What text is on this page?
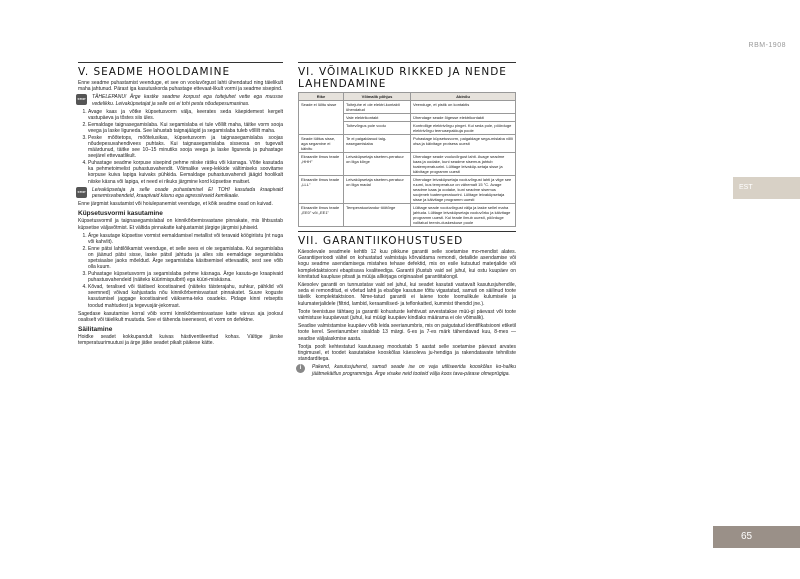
RBM-1908
EST
65
V. SEADME HOOLDAMINE

Enne seadme puhastamist veenduge, et see on vooluvõrgust lahti ühendatud ning täielikult maha jahtunud. Pärast iga kasutuskorda puhastage ettevaat-likult vormi ja seadme sisepind.

STOP TÄHELEPANU! Ärge kastke seadme korpust ega toitejuhet vette ega muusse vedelikku. Leivaküpsetajat ja selle osi ei tohi pesta nõudepesumasinas.

1. Avage kaas ja võtke küpsetusvorm välja, keerates seda käepidemest kergelt vastupäeva ja tõstes siis üles.
2. Eemaldage taignasegamislaba. Kui segamislaba ei tule võllilt maha, täitke vorm sooja veega ja laske liguneda. See lahustab taignajäägid ja segamislaba tuleb võllilt maha.
3. Peske mõõtetops, mõõtelusikas, küpsetusvorm ja taignasegamislaba soojas nõudepesuvahendivees puhtaks. Kui taignasegamislaba sisseosa on tugevalt määrdunud, täitke see 10–15 minutiks sooja veega ja laske liguneda ja puhastage seejärel ettevaatlikult.
4. Puhastage seadme korpuse sisepind pehme niiske rätiku või käsnaga. Võite kasutada ka pehmetoimelist puhastusvahendit. Võimalike veep-lekkide vältimiseks soovitame korpuse kuiva lapiga kuivaks pühkida. Eemaldage puhastusvahendi jäägid hoolikalt niiske käsna või lapiga, et need ei rikuks järgmine kord küpsetise maitset.
STOP Leivaküpsetaja ja selle osade puhastamisel EI TOHI kasutada kraapivaid pesemisvahendeid, kraapivaid käsnu ega agressiivseid kemikaale.

Enne järgmist kasutamist või hoiulepanemist veenduge, et kõik seadme osad on kuivad.

Küpsetusvormi kasutamine

Küpsetusvormil ja taignasegamislabal on kinnikõrbemisvastane pinnakate, mis lihtsustab küpsetise väljavõtmist. Et vältida pinnakatte kahjustamist järgige järgmisi juhiseid.

1. Ärge kasutage küpsetise vormist eemaldamisel metallist või teravaid köögiriistu (nt nuga või kahvlit).
2. Enne pätsi lahtilõikamist veenduge, et selle sees ei ole segamislaba. Kui segamislaba on jäänud pätsi sisse, laske pätsil jahtuda ja alles siis eemaldage segamislaba spetsiaalse jaoks mõeldud. Ärge segamislaba käsitsemisel ettevaatlik, sest see võib olla kuum.
3. Puhastage küpsetusvorm ja segamislaba pehme käsnaga. Ärge kasuta-ge kraapivaid puhastusvahendeid (näiteks küürimispulbrit) ega küüri-miskäsna.
4. Kõvad, teralised või täidised koostisained (näiteks täisterajahu, suhkur, pähklid või seemned) võivad kahjustada nõu kinnikõrbemisvastast pinnakatet. Suure koguste kasutamisel jaggage koostisained väiksema-teks osadeks. Pidage kinni retseptis toodud mahtudest ja tegevusjär-jekorrast.

Sagedase kasutamise korral võib vormi kinnikõrbemisvastase katte värvus aja jooksul osaliselt või täielikult muutuda. See ei tähenda iseenesest, et vorm on defektne.

Säilitamine

Hoidke seadet kokkupandult kuivas hästiventileeritud kohas. Vältige järske temperatuurimuutusi ja ärge jätke seadet pikalt päikese kätte.

VI. VÕIMALIKUD RIKKED JA NENDE LAHENDAMINE
Rike	Võimalik põhjus	Abinõu
Seade ei lülitu sisse	Toitejuhe ei ole elektri-kontakti ühendatud	Veenduge, et pistik on kontaktis
	Vale elektrikontakt	Ühendage seade õigesse elektrikontakti
	Toitevõrgus pole voolu	Kontrollige elektrivõrgu pinget. Kui seda pole, pöörduge elektrivõrgu teenusepakkuja poole
Seade lülitus sisse, aga segamine ei käivitu	Te ei paigaldanud taig-nasegamislaba	Puhastage küpsetusvorm, paigaldage sega-mislaba võlli otsa ja käivitage protsess uuesti
Ekraanile ilmus teade „HHH"	Leivaküpsetaja sisetem-peratuur on liiga kõrge	Ühendage seade vooluvõrgust lahti. Avage seadme kaas ja oodake, kuni seadme sisemus jahtub toatemperatuurini. Lülitage leivaküp-setaja sisse ja käivitage programm uuesti
Ekraanile ilmus teade „LLL"	Leivaküpsetaja sisetem-peratuur on liiga madal	Ühendage leivaküpsetaja vooluvõrgust lahti ja viige see ruumi, kus temperatuur on vähemalt 15 °C. Avage seadme kaas ja oodake, kuni seadme sisemus soojeneb toatemperatuurini. Lülitage leivaküpsetaja sisse ja käivitage programm uuesti
Ekraanile ilmus teade „EE0" või „EE1"	Temperatuuriandur töötõrge	Lülitage seade vooluvõrgust välja ja laske sellel maha jahtuda. Lülitage leivaküpsetaja vooluvõrku ja käivitage programm uuesti. Kui teade ilmub uuesti, pöörduge volitatud teenin-duskeskuse poole
VII. GARANTIIKOHUSTUSED

Käesolevale seadmele kehtib 12 kuu pikkune garantii selle soetamise mo-mendist alates. Garantiiperioodi vältel on kohustatud valmistaja kõrvaldama remondi, detailide asendamise või kogu seadme asendamisega mistahes tehase defektid, mis on esile kutsutud materjalide või komplektaktsiooni ebapiisava kvaliteediga. Garantii jõustub vaid sel juhul, kui ostu kuupäev on kinnitatud kaupluse pitsati ja müüja allkirjaga originaalsel garantiitalongil.

Käesolev garantii on tunnustatav vaid sel juhul, kui seadet kasutati vastavalt kasutusjuhendile, seda ei remonditud, ei võetud lahti ja ebaõige kasutuse tõttu vigastatud, samuti on säilinud toote täielik komplektaktsioon. Nime-tatud garantii ei laiene toote loomulikule kulumisele ja kulumaterjalidele (filtrid, lambid, keraamilised- ja teflonkatted, kummist tihendid jne.).

Toote teenistuse tähtaeg ja garantii kohustuste kehtivust arvestatakse müü-gi päevast või toote valmistuse kuupäevast (juhul, kui müügi kuupäev kindlaks määrama ei ole võimalik).

Seadise valmistamise kuupäev võib leida seerianumbris, mis on paigutatud identifikatsiooni etiketil toote kerel. Seerianumber sisaldab 13 märgi. 6-es ja 7-es märk tähendavad kuu, 8-mes — seadise väljalaskmise aasta.

Tootja poolt kehtestatud kasutusaeg moodustab 5 aastat selle soetamise päevast arvates tingimusel, et toodet kasutatakse kooskõlas käesoleva ju-hendiga ja rakendatavate tehniliste standarditega.

i	Pakend, kasutusjuhend, samuti seade ise on vaja utiliseerida kooskõlas ko-haliku jäätmekäitlus programmiga. Ärge visake neid tooteid välja koos tava-pärase olmeprügiga.
